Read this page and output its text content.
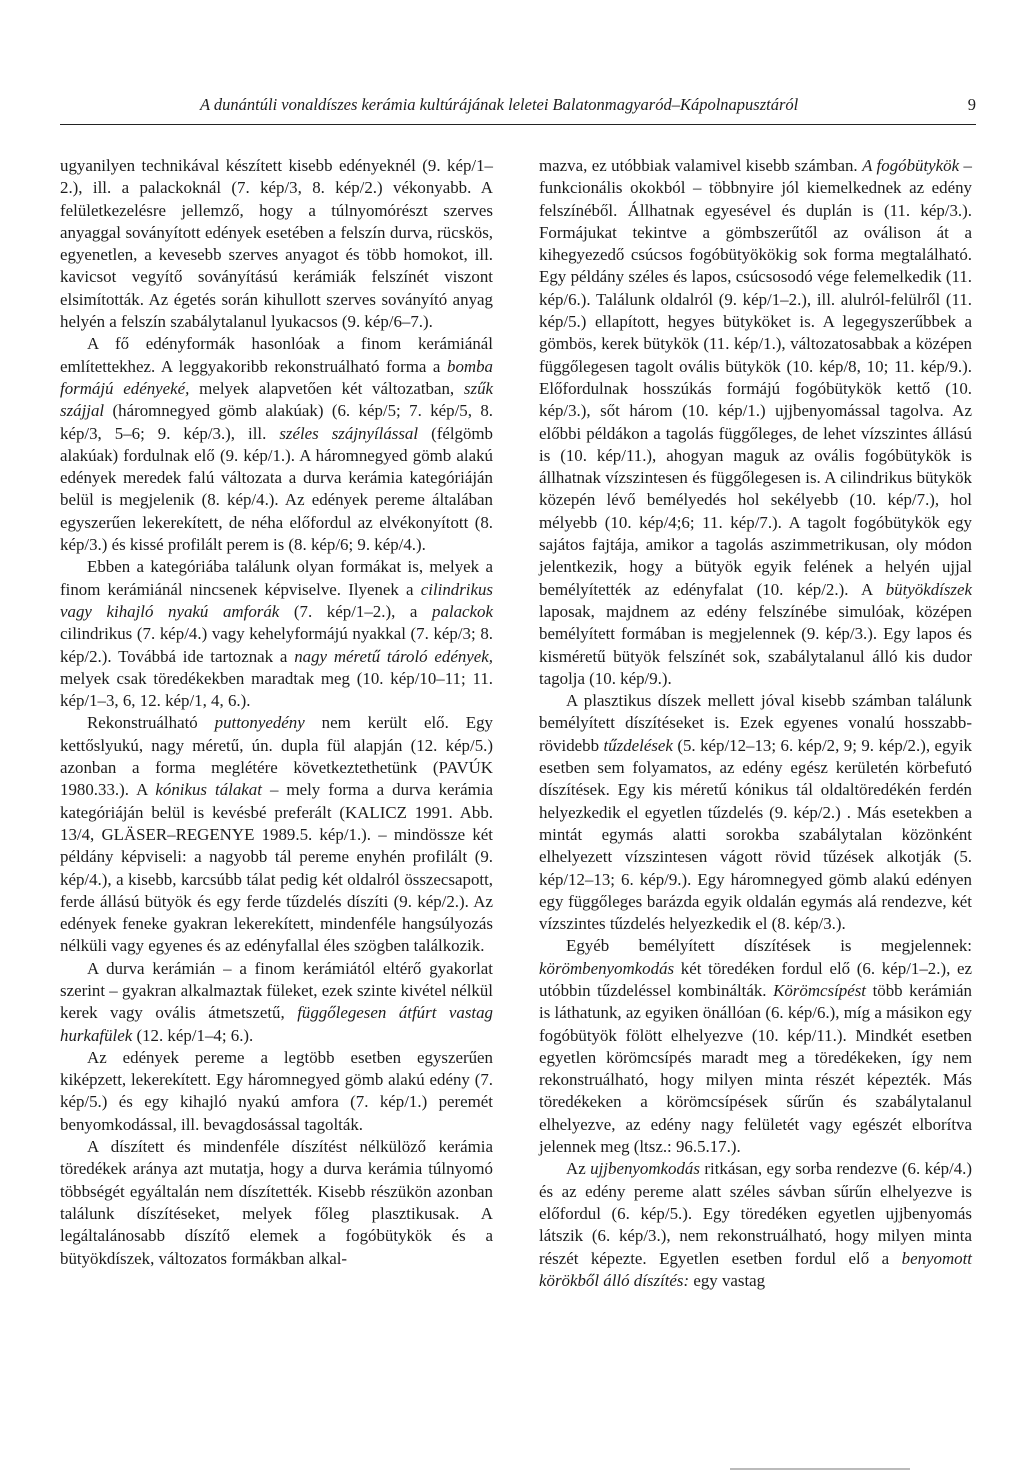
A dunántúli vonaldíszes kerámia kultúrájának leletei Balatonmagyaród–Kápolnapusztáról	9

ugyanilyen technikával készített kisebb edényeknél (9. kép/1–2.), ill. a palackoknál (7. kép/3, 8. kép/2.) vékonyabb. A felületkezelésre jellemző, hogy a túlnyomórészt szerves anyaggal soványított edények esetében a felszín durva, rücskös, egyenetlen, a kevesebb szerves anyagot és több homokot, ill. kavicsot vegyítő soványítású kerámiák felszínét viszont elsimították. Az égetés során kihullott szerves soványító anyag helyén a felszín szabálytalanul lyukacsos (9. kép/6–7.).

A fő edényformák hasonlóak a finom kerámiánál említettekhez. A leggyakoribb rekonstruálható forma a bomba formájú edényeké, melyek alapvetően két változatban, szűk szájjal (háromnegyed gömb alakúak) (6. kép/5; 7. kép/5, 8. kép/3, 5–6; 9. kép/3.), ill. széles szájnyílással (félgömb alakúak) fordulnak elő (9. kép/1.). A háromnegyed gömb alakú edények meredek falú változata a durva kerámia kategóriáján belül is megjelenik (8. kép/4.). Az edények pereme általában egyszerűen lekerekített, de néha előfordul az elvékonyított (8. kép/3.) és kissé profilált perem is (8. kép/6; 9. kép/4.).

Ebben a kategóriába találunk olyan formákat is, melyek a finom kerámiánál nincsenek képviselve. Ilyenek a cilindrikus vagy kihajló nyakú amforák (7. kép/1–2.), a palackok cilindrikus (7. kép/4.) vagy kehelyformájú nyakkal (7. kép/3; 8. kép/2.). Továbbá ide tartoznak a nagy méretű tároló edények, melyek csak töredékekben maradtak meg (10. kép/10–11; 11. kép/1–3, 6, 12. kép/1, 4, 6.).

Rekonstruálható puttonyedény nem került elő. Egy kettőslyukú, nagy méretű, ún. dupla fül alapján (12. kép/5.) azonban a forma meglétére következtethetünk (PAVÚK 1980.33.). A kónikus tálakat – mely forma a durva kerámia kategóriáján belül is kevésbé preferált (KALICZ 1991. Abb. 13/4, GLÄSER–REGENYE 1989.5. kép/1.). – mindössze két példány képviseli: a nagyobb tál pereme enyhén profilált (9. kép/4.), a kisebb, karcsúbb tálat pedig két oldalról összecsapott, ferde állású bütyök és egy ferde tűzdelés díszíti (9. kép/2.). Az edények feneke gyakran lekerekített, mindenféle hangsúlyozás nélküli vagy egyenes és az edényfallal éles szögben találkozik.

A durva kerámián – a finom kerámiától eltérő gyakorlat szerint – gyakran alkalmaztak füleket, ezek szinte kivétel nélkül kerek vagy ovális átmetszetű, függőlegesen átfúrt vastag hurkafülek (12. kép/1–4; 6.).

Az edények pereme a legtöbb esetben egyszerűen kiképzett, lekerekített. Egy háromnegyed gömb alakú edény (7. kép/5.) és egy kihajló nyakú amfora (7. kép/1.) peremét benyomkodással, ill. bevagdosással tagolták.

A díszített és mindenféle díszítést nélkülöző kerámia töredékek aránya azt mutatja, hogy a durva kerámia túlnyomó többségét egyáltalán nem díszítették. Kisebb részükön azonban találunk díszítéseket, melyek főleg plasztikusak. A legáltalánosabb díszítő elemek a fogóbütykök és a bütyökdíszek, változatos formákban alkal-

mazva, ez utóbbiak valamivel kisebb számban. A fogóbütykök – funkcionális okokból – többnyire jól kiemelkednek az edény felszínéből. Állhatnak egyesével és duplán is (11. kép/3.). Formájukat tekintve a gömbszerűtől az oválison át a kihegyezedő csúcsos fogóbütyökökig sok forma megtalálható. Egy példány széles és lapos, csúcsosodó vége felemelkedik (11. kép/6.). Találunk oldalról (9. kép/1–2.), ill. alulról-felülről (11. kép/5.) ellapított, hegyes bütyköket is. A legegyszerűbbek a gömbös, kerek bütykök (11. kép/1.), változatosabbak a középen függőlegesen tagolt ovális bütykök (10. kép/8, 10; 11. kép/9.). Előfordulnak hosszúkás formájú fogóbütykök kettő (10. kép/3.), sőt három (10. kép/1.) ujjbenyomással tagolva. Az előbbi példákon a tagolás függőleges, de lehet vízszintes állású is (10. kép/11.), ahogyan maguk az ovális fogóbütykök is állhatnak vízszintesen és függőlegesen is. A cilindrikus bütykök közepén lévő bemélyedés hol sekélyebb (10. kép/7.), hol mélyebb (10. kép/4;6; 11. kép/7.). A tagolt fogóbütykök egy sajátos fajtája, amikor a tagolás aszimmetrikusan, oly módon jelentkezik, hogy a bütyök egyik felének a helyén ujjal bemélyítették az edényfalat (10. kép/2.). A bütyökdíszek laposak, majdnem az edény felszínébe simulóak, középen bemélyített formában is megjelennek (9. kép/3.). Egy lapos és kisméretű bütyök felszínét sok, szabálytalanul álló kis dudor tagolja (10. kép/9.).

A plasztikus díszek mellett jóval kisebb számban találunk bemélyített díszítéseket is. Ezek egyenes vonalú hosszabb-rövidebb tűzdelések (5. kép/12–13; 6. kép/2, 9; 9. kép/2.), egyik esetben sem folyamatos, az edény egész kerületén körbefutó díszítések. Egy kis méretű kónikus tál oldaltöredékén ferdén helyezkedik el egyetlen tűzdelés (9. kép/2.) . Más esetekben a mintát egymás alatti sorokba szabálytalan közönként elhelyezett vízszintesen vágott rövid tűzések alkotják (5. kép/12–13; 6. kép/9.). Egy háromnegyed gömb alakú edényen egy függőleges barázda egyik oldalán egymás alá rendezve, két vízszintes tűzdelés helyezkedik el (8. kép/3.).

Egyéb bemélyített díszítések is megjelennek: körömbenyomkodás két töredéken fordul elő (6. kép/1–2.), ez utóbbin tűzdeléssel kombinálták. Körömcsípést több kerámián is láthatunk, az egyiken önállóan (6. kép/6.), míg a másikon egy fogóbütyök fölött elhelyezve (10. kép/11.). Mindkét esetben egyetlen körömcsípés maradt meg a töredékeken, így nem rekonstruálható, hogy milyen minta részét képezték. Más töredékeken a körömcsípések sűrűn és szabálytalanul elhelyezve, az edény nagy felületét vagy egészét elborítva jelennek meg (ltsz.: 96.5.17.).

Az ujjbenyomkodás ritkásan, egy sorba rendezve (6. kép/4.) és az edény pereme alatt széles sávban sűrűn elhelyezve is előfordul (6. kép/5.). Egy töredéken egyetlen ujjbenyomás látszik (6. kép/3.), nem rekonstruálható, hogy milyen minta részét képezte. Egyetlen esetben fordul elő a benyomott körökből álló díszítés: egy vastag
